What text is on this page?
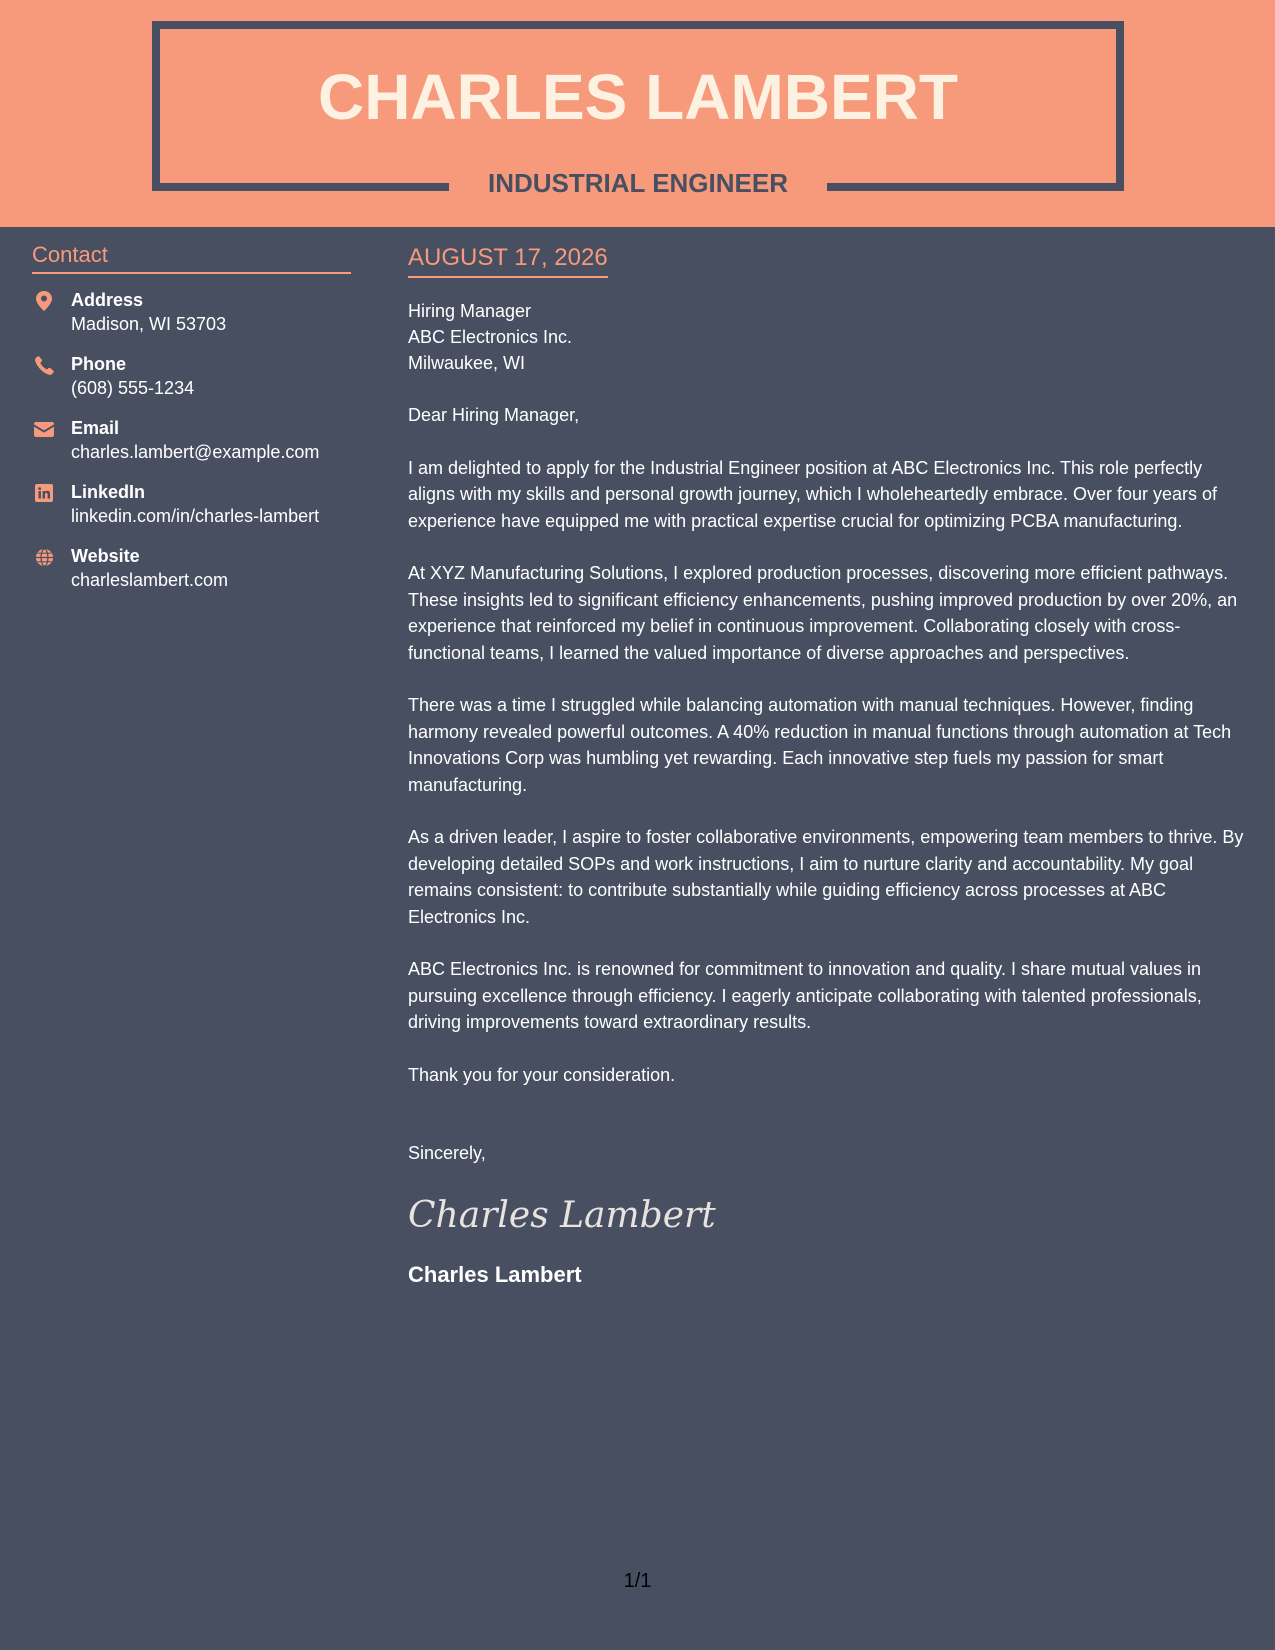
CHARLES LAMBERT
INDUSTRIAL ENGINEER
Contact
Address
Madison, WI 53703
Phone
(608) 555-1234
Email
charles.lambert@example.com
LinkedIn
linkedin.com/in/charles-lambert
Website
charleslambert.com
AUGUST 17, 2026
Hiring Manager
ABC Electronics Inc.
Milwaukee, WI

Dear Hiring Manager,

I am delighted to apply for the Industrial Engineer position at ABC Electronics Inc. This role perfectly aligns with my skills and personal growth journey, which I wholeheartedly embrace. Over four years of experience have equipped me with practical expertise crucial for optimizing PCBA manufacturing.

At XYZ Manufacturing Solutions, I explored production processes, discovering more efficient pathways. These insights led to significant efficiency enhancements, pushing improved production by over 20%, an experience that reinforced my belief in continuous improvement. Collaborating closely with cross-functional teams, I learned the valued importance of diverse approaches and perspectives.

There was a time I struggled while balancing automation with manual techniques. However, finding harmony revealed powerful outcomes. A 40% reduction in manual functions through automation at Tech Innovations Corp was humbling yet rewarding. Each innovative step fuels my passion for smart manufacturing.

As a driven leader, I aspire to foster collaborative environments, empowering team members to thrive. By developing detailed SOPs and work instructions, I aim to nurture clarity and accountability. My goal remains consistent: to contribute substantially while guiding efficiency across processes at ABC Electronics Inc.

ABC Electronics Inc. is renowned for commitment to innovation and quality. I share mutual values in pursuing excellence through efficiency. I eagerly anticipate collaborating with talented professionals, driving improvements toward extraordinary results.

Thank you for your consideration.

Sincerely,
Charles Lambert
Charles Lambert
1/1
